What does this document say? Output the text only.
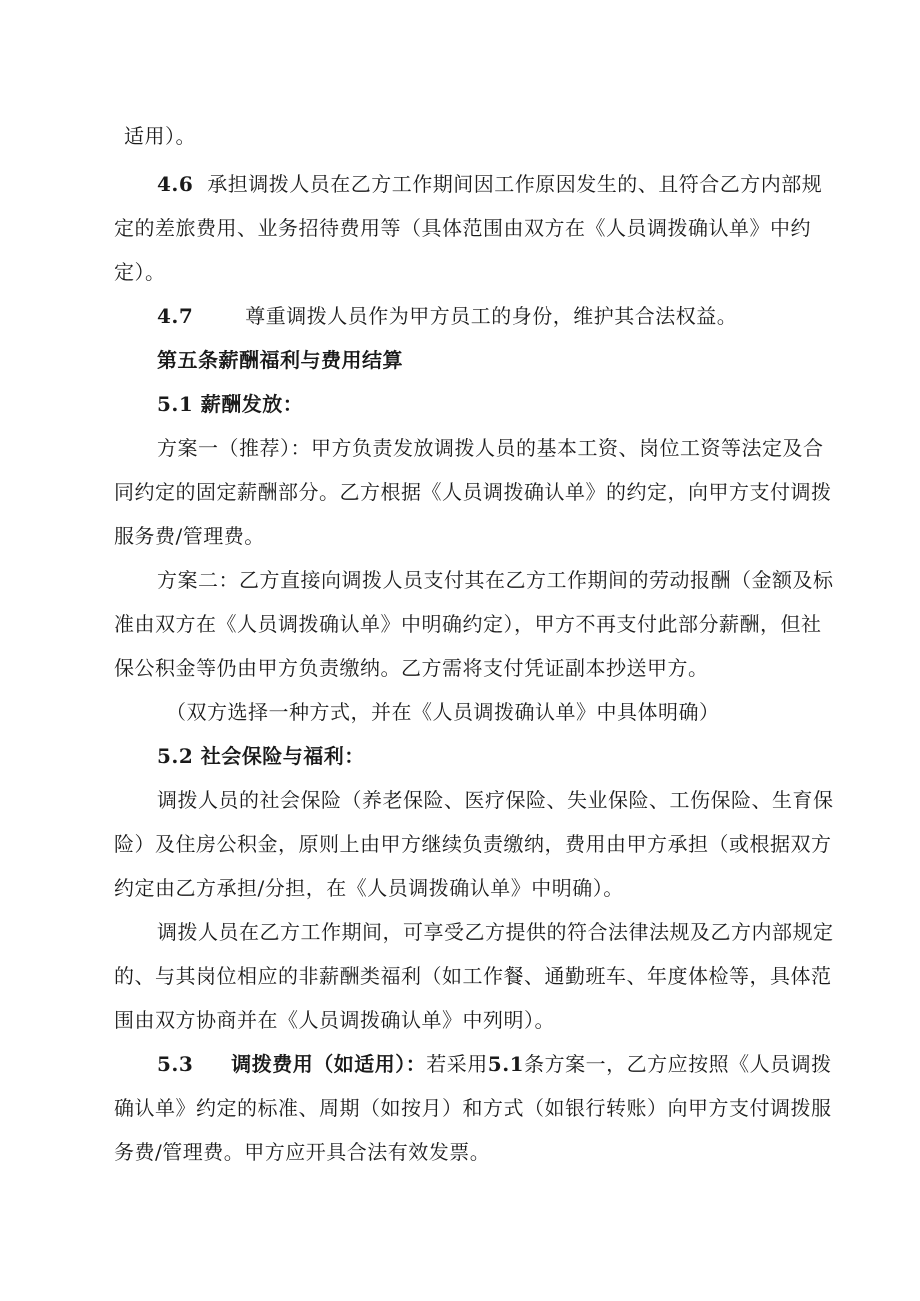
适用）。
4.6 承担调拨人员在乙方工作期间因工作原因发生的、且符合乙方内部规
定的差旅费用、业务招待费用等（具体范围由双方在《人员调拨确认单》中约
定）。
4.7	尊重调拨人员作为甲方员工的身份，维护其合法权益。
第五条薪酬福利与费用结算
5.1 薪酬发放：
方案一（推荐）：甲方负责发放调拨人员的基本工资、岗位工资等法定及合
同约定的固定薪酬部分。乙方根据《人员调拨确认单》的约定，向甲方支付调拨
服务费/管理费。
方案二：乙方直接向调拨人员支付其在乙方工作期间的劳动报酬（金额及标
准由双方在《人员调拨确认单》中明确约定），甲方不再支付此部分薪酬，但社
保公积金等仍由甲方负责缴纳。乙方需将支付凭证副本抄送甲方。
（双方选择一种方式，并在《人员调拨确认单》中具体明确）
5.2 社会保险与福利：
调拨人员的社会保险（养老保险、医疗保险、失业保险、工伤保险、生育保
险）及住房公积金，原则上由甲方继续负责缴纳，费用由甲方承担（或根据双方
约定由乙方承担/分担，在《人员调拨确认单》中明确）。
调拨人员在乙方工作期间，可享受乙方提供的符合法律法规及乙方内部规定
的、与其岗位相应的非薪酬类福利（如工作餐、通勤班车、年度体检等，具体范
围由双方协商并在《人员调拨确认单》中列明）。
5.3 调拨费用（如适用）：若采用5.1条方案一，乙方应按照《人员调拨
确认单》约定的标准、周期（如按月）和方式（如银行转账）向甲方支付调拨服
务费/管理费。甲方应开具合法有效发票。
